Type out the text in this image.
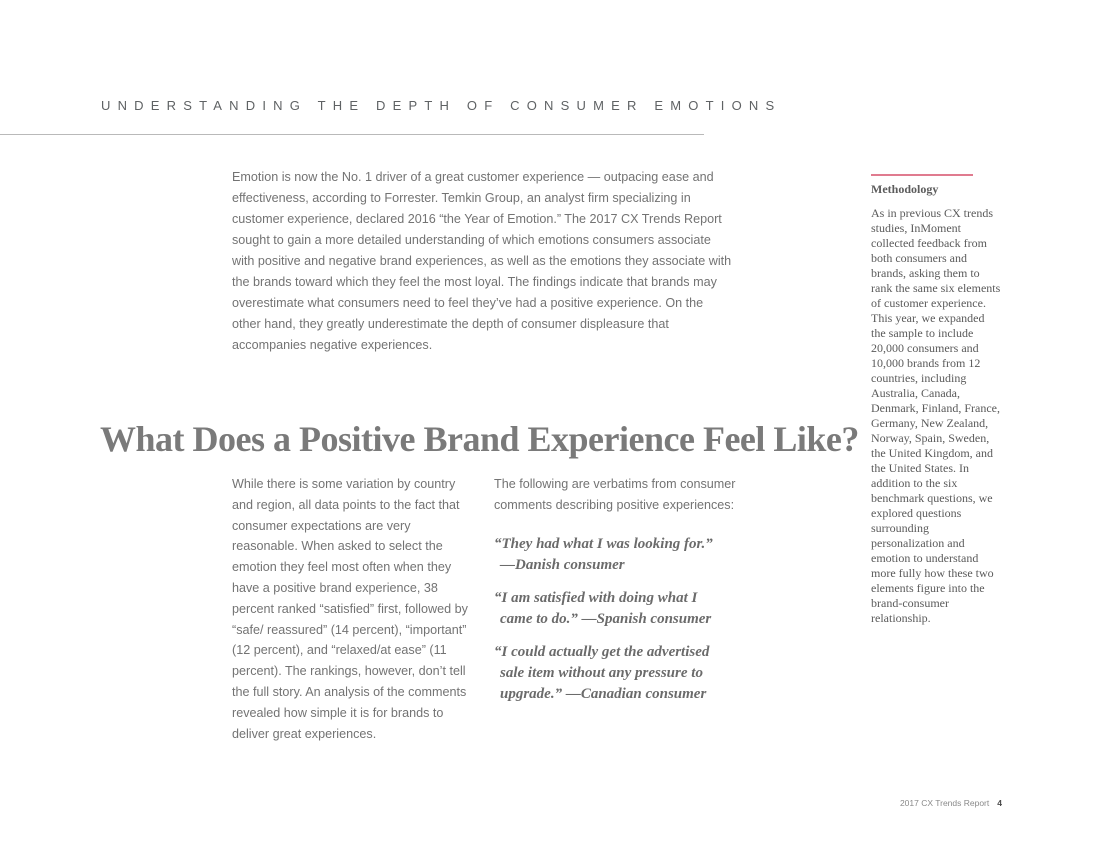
UNDERSTANDING THE DEPTH OF CONSUMER EMOTIONS

Emotion is now the No. 1 driver of a great customer experience — outpacing ease and effectiveness, according to Forrester. Temkin Group, an analyst firm specializing in customer experience, declared 2016 “the Year of Emotion.” The 2017 CX Trends Report sought to gain a more detailed understanding of which emotions consumers associate with positive and negative brand experiences, as well as the emotions they associate with the brands toward which they feel the most loyal. The findings indicate that brands may overestimate what consumers need to feel they’ve had a positive experience. On the other hand, they greatly underestimate the depth of consumer displeasure that accompanies negative experiences.

What Does a Positive Brand Experience Feel Like?

While there is some variation by country and region, all data points to the fact that consumer expectations are very reasonable. When asked to select the emotion they feel most often when they have a positive brand experience, 38 percent ranked “satisfied” first, followed by “safe/ reassured” (14 percent), “important” (12 percent), and “relaxed/at ease” (11 percent). The rankings, however, don’t tell the full story. An analysis of the comments revealed how simple it is for brands to deliver great experiences.

The following are verbatims from consumer comments describing positive experiences:

“They had what I was looking for.”
—Danish consumer

“I am satisfied with doing what I
came to do.” —Spanish consumer

“I could actually get the advertised
sale item without any pressure to upgrade.” —Canadian consumer

Methodology

As in previous CX trends studies, InMoment collected feedback from both consumers and brands, asking them to rank the same six elements of customer experience. This year, we expanded the sample to include 20,000 consumers and 10,000 brands from 12 countries, including Australia, Canada, Denmark, Finland, France, Germany, New Zealand, Norway, Spain, Sweden, the United Kingdom, and the United States. In addition to the six benchmark questions, we explored questions surrounding personalization and emotion to understand more fully how these two elements figure into the brand-consumer relationship.

2017 CX Trends Report 4
